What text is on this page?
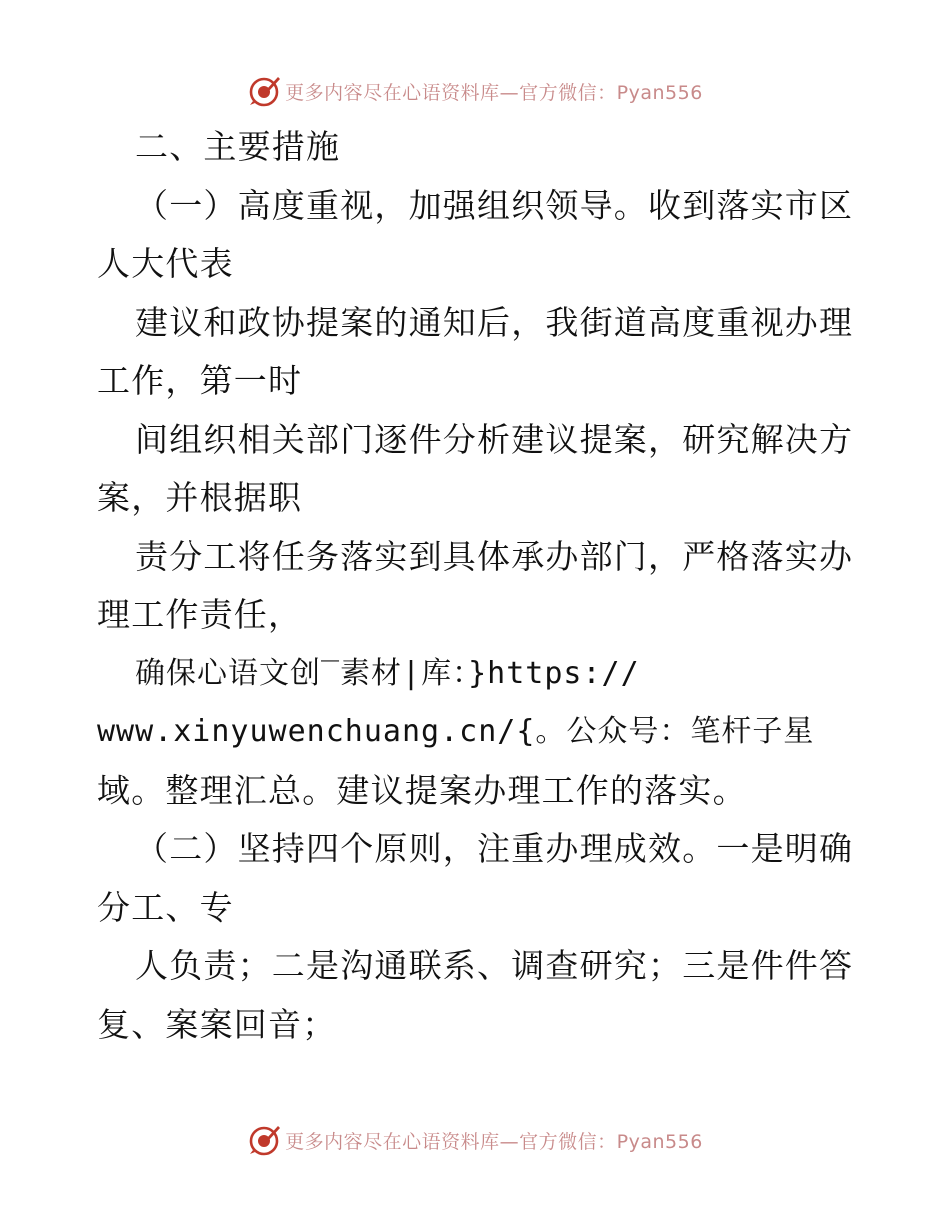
更多内容尽在心语资料库—官方微信：Pyan556
二、主要措施
（一）高度重视，加强组织领导。收到落实市区
人大代表
建议和政协提案的通知后，我街道高度重视办理
工作，第一时
间组织相关部门逐件分析建议提案，研究解决方
案，并根据职
责分工将任务落实到具体承办部门，严格落实办
理工作责任，
确保心语文创‾素材|库：}https://
www.xinyuwenchuang.cn/{。公众号：笔杆子星
域。整理汇总。建议提案办理工作的落实。
（二）坚持四个原则，注重办理成效。一是明确
分工、专
人负责；二是沟通联系、调查研究；三是件件答
复、案案回音；
更多内容尽在心语资料库—官方微信：Pyan556
